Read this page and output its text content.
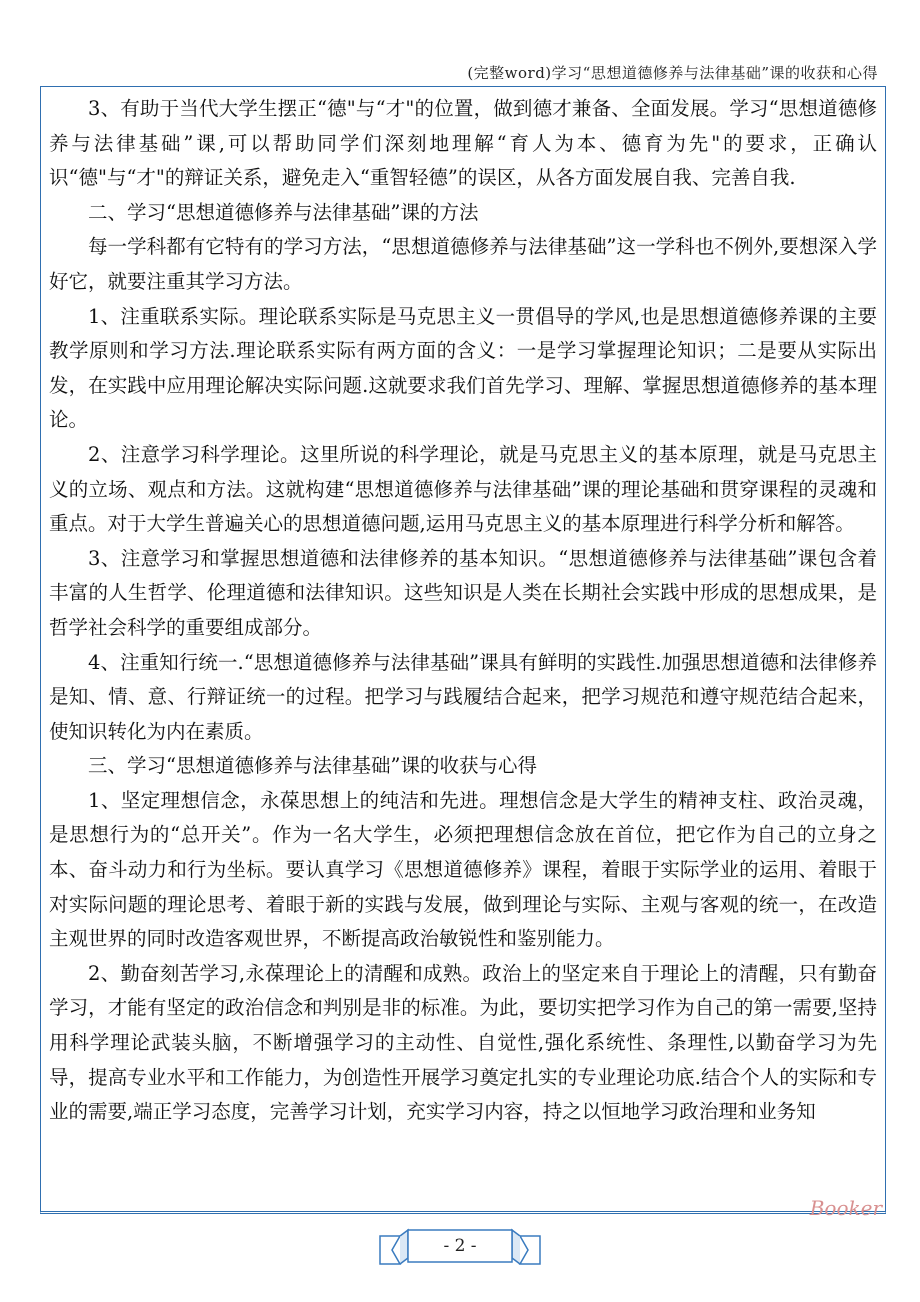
(完整word)学习“思想道德修养与法律基础”课的收获和心得

3、有助于当代大学生摆正“德"与“才"的位置，做到德才兼备、全面发展。学习“思想道德修养与法律基础”课,可以帮助同学们深刻地理解“育人为本、德育为先"的要求，正确认识“德"与“才"的辩证关系，避免走入“重智轻德”的误区，从各方面发展自我、完善自我.

二、学习“思想道德修养与法律基础”课的方法

每一学科都有它特有的学习方法，“思想道德修养与法律基础”这一学科也不例外,要想深入学好它，就要注重其学习方法。

1、注重联系实际。理论联系实际是马克思主义一贯倡导的学风,也是思想道德修养课的主要教学原则和学习方法.理论联系实际有两方面的含义：一是学习掌握理论知识；二是要从实际出发，在实践中应用理论解决实际问题.这就要求我们首先学习、理解、掌握思想道德修养的基本理论。

2、注意学习科学理论。这里所说的科学理论，就是马克思主义的基本原理，就是马克思主义的立场、观点和方法。这就构建“思想道德修养与法律基础”课的理论基础和贯穿课程的灵魂和重点。对于大学生普遍关心的思想道德问题,运用马克思主义的基本原理进行科学分析和解答。

3、注意学习和掌握思想道德和法律修养的基本知识。“思想道德修养与法律基础”课包含着丰富的人生哲学、伦理道德和法律知识。这些知识是人类在长期社会实践中形成的思想成果，是哲学社会科学的重要组成部分。

4、注重知行统一.“思想道德修养与法律基础”课具有鲜明的实践性.加强思想道德和法律修养是知、情、意、行辩证统一的过程。把学习与践履结合起来，把学习规范和遵守规范结合起来，使知识转化为内在素质。

三、学习“思想道德修养与法律基础”课的收获与心得

1、坚定理想信念，永葆思想上的纯洁和先进。理想信念是大学生的精神支柱、政治灵魂，是思想行为的“总开关”。作为一名大学生，必须把理想信念放在首位，把它作为自己的立身之本、奋斗动力和行为坐标。要认真学习《思想道德修养》课程，着眼于实际学业的运用、着眼于对实际问题的理论思考、着眼于新的实践与发展，做到理论与实际、主观与客观的统一，在改造主观世界的同时改造客观世界，不断提高政治敏锐性和鉴别能力。

2、勤奋刻苦学习,永葆理论上的清醒和成熟。政治上的坚定来自于理论上的清醒，只有勤奋学习，才能有坚定的政治信念和判别是非的标准。为此，要切实把学习作为自己的第一需要,坚持用科学理论武装头脑，不断增强学习的主动性、自觉性,强化系统性、条理性,以勤奋学习为先导，提高专业水平和工作能力，为创造性开展学习奠定扎实的专业理论功底.结合个人的实际和专业的需要,端正学习态度，完善学习计划，充实学习内容，持之以恒地学习政治理和业务知

- 2 -
Booker
